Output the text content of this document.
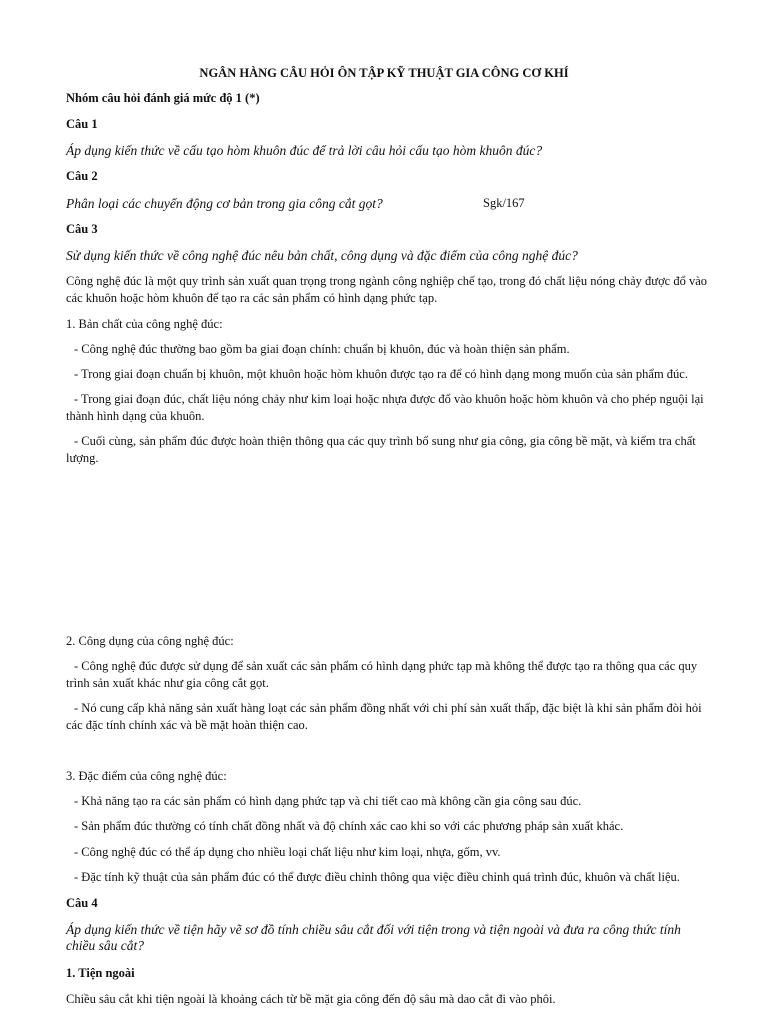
NGÂN HÀNG CÂU HỎI ÔN TẬP KỸ THUẬT GIA CÔNG CƠ KHÍ
Nhóm câu hỏi đánh giá mức độ 1 (*)
Câu 1
Áp dụng kiến thức về cấu tạo hòm khuôn đúc để trả lời câu hỏi cấu tạo hòm khuôn đúc?
Câu 2
Phân loại các chuyển động cơ bản trong gia công cắt gọt?	Sgk/167
Câu 3
Sử dụng kiến thức về công nghệ đúc nêu bản chất, công dụng và đặc điểm của công nghệ đúc?
Công nghệ đúc là một quy trình sản xuất quan trọng trong ngành công nghiệp chế tạo, trong đó chất liệu nóng chảy được đổ vào
các khuôn hoặc hòm khuôn để tạo ra các sản phẩm có hình dạng phức tạp.
1. Bản chất của công nghệ đúc:
- Công nghệ đúc thường bao gồm ba giai đoạn chính: chuẩn bị khuôn, đúc và hoàn thiện sản phẩm.
- Trong giai đoạn chuẩn bị khuôn, một khuôn hoặc hòm khuôn được tạo ra để có hình dạng mong muốn của sản phẩm đúc.
- Trong giai đoạn đúc, chất liệu nóng chảy như kim loại hoặc nhựa được đổ vào khuôn hoặc hòm khuôn và cho phép nguội lại
thành hình dạng của khuôn.
- Cuối cùng, sản phẩm đúc được hoàn thiện thông qua các quy trình bổ sung như gia công, gia công bề mặt, và kiểm tra chất
lượng.
2. Công dụng của công nghệ đúc:
- Công nghệ đúc được sử dụng để sản xuất các sản phẩm có hình dạng phức tạp mà không thể được tạo ra thông qua các quy
trình sản xuất khác như gia công cắt gọt.
- Nó cung cấp khả năng sản xuất hàng loạt các sản phẩm đồng nhất với chi phí sản xuất thấp, đặc biệt là khi sản phẩm đòi hỏi
các đặc tính chính xác và bề mặt hoàn thiện cao.
3. Đặc điểm của công nghệ đúc:
- Khả năng tạo ra các sản phẩm có hình dạng phức tạp và chi tiết cao mà không cần gia công sau đúc.
- Sản phẩm đúc thường có tính chất đồng nhất và độ chính xác cao khi so với các phương pháp sản xuất khác.
- Công nghệ đúc có thể áp dụng cho nhiều loại chất liệu như kim loại, nhựa, gốm, vv.
- Đặc tính kỹ thuật của sản phẩm đúc có thể được điều chỉnh thông qua việc điều chỉnh quá trình đúc, khuôn và chất liệu.
Câu 4
Áp dụng kiến thức về tiện hãy vẽ sơ đồ tính chiều sâu cắt đối với tiện trong và tiện ngoài và đưa ra công thức tính
chiều sâu cắt?
1. Tiện ngoài
Chiều sâu cắt khi tiện ngoài là khoảng cách từ bề mặt gia công đến độ sâu mà dao cắt đi vào phôi.
